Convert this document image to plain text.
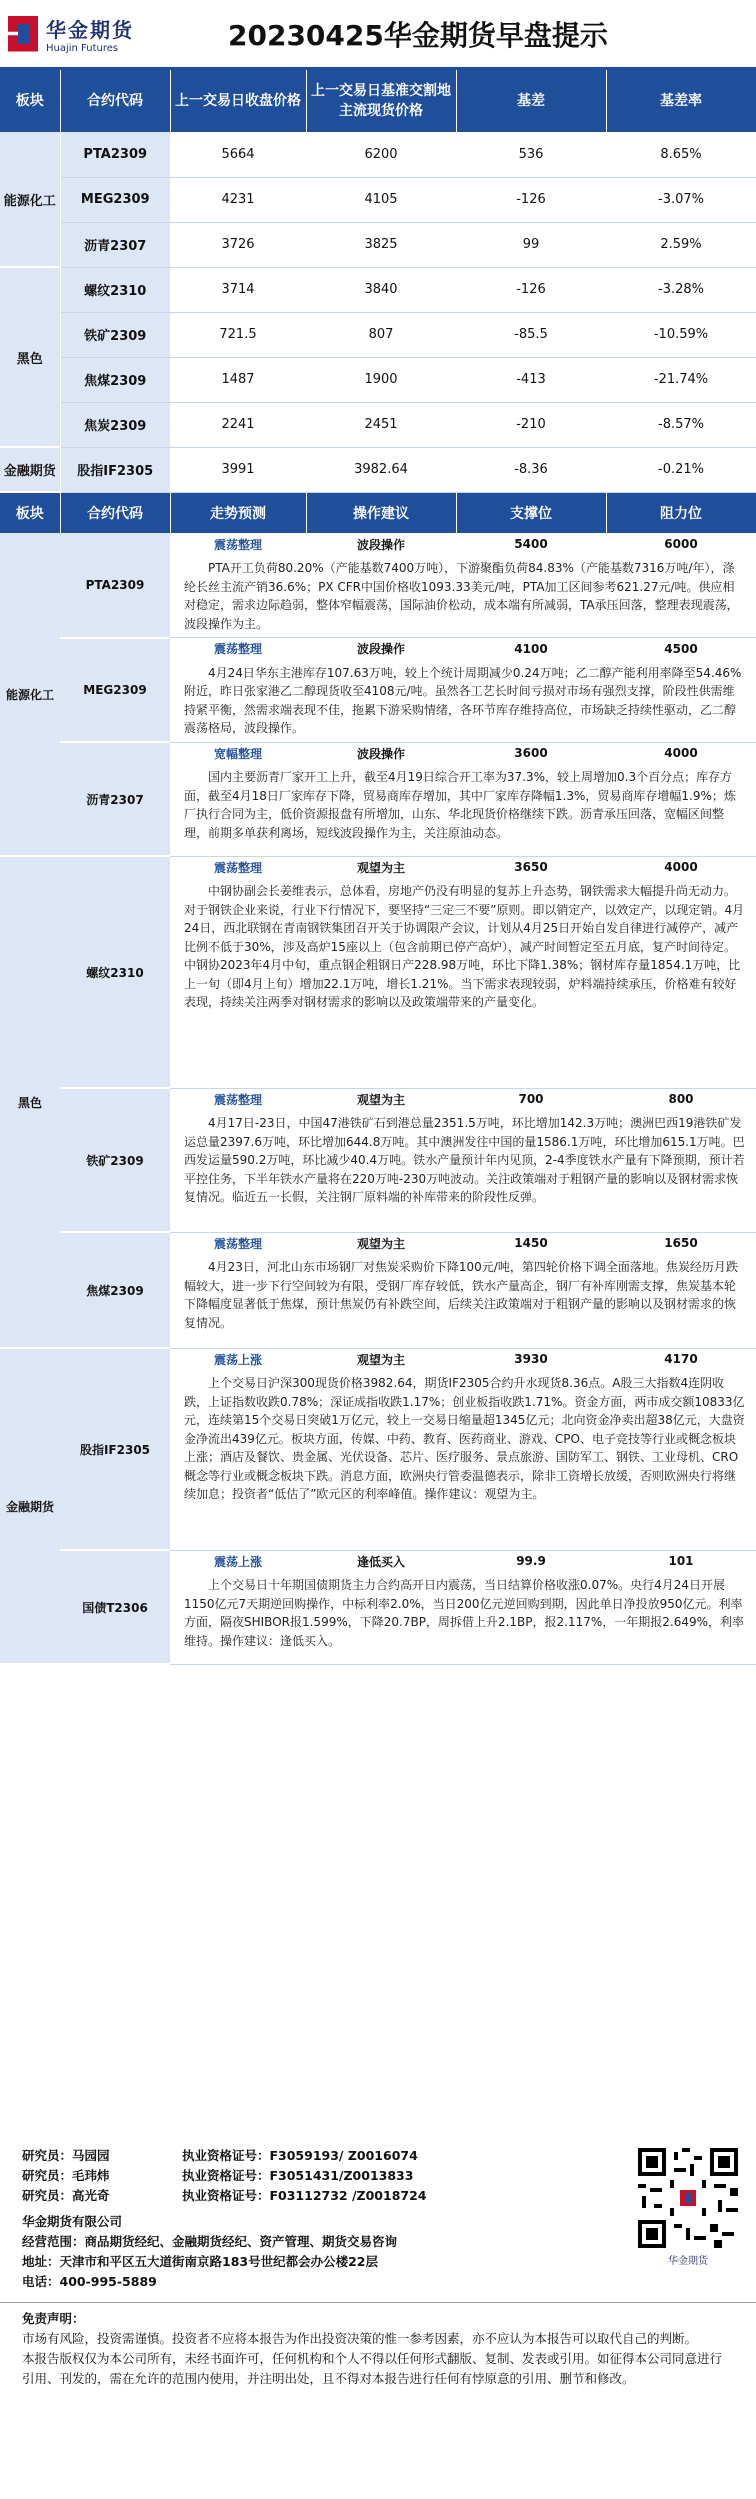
华金期货
Huajin Futures	20230425华金期货早盘提示
板块	合约代码	上一交易日收盘价格	上一交易日基准交割地主流现货价格	基差	基差率
能源化工	PTA2309	5664	6200	536	8.65%
	MEG2309	4231	4105	-126	-3.07%
	沥青2307	3726	3825	99	2.59%
黑色	螺纹2310	3714	3840	-126	-3.28%
	铁矿2309	721.5	807	-85.5	-10.59%
	焦煤2309	1487	1900	-413	-21.74%
	焦炭2309	2241	2451	-210	-8.57%
金融期货	股指IF2305	3991	3982.64	-8.36	-0.21%
板块	合约代码	走势预测	操作建议	支撑位	阻力位
能源化工	PTA2309	震荡整理	波段操作	5400	6000
		PTA开工负荷80.20%（产能基数7400万吨），下游聚酯负荷84.83%（产能基数7316万吨/年），涤纶长丝主流产销36.6%；PX CFR中国价格收1093.33美元/吨，PTA加工区间参考621.27元/吨。供应相对稳定，需求边际趋弱，整体窄幅震荡，国际油价松动，成本端有所减弱，TA承压回落，整理表现震荡，波段操作为主。			
	MEG2309	震荡整理	波段操作	4100	4500
		4月24日华东主港库存107.63万吨，较上个统计周期减少0.24万吨；乙二醇产能利用率降至54.46%附近，昨日张家港乙二醇现货收至4108元/吨。虽然各工艺长时间亏损对市场有强烈支撑，阶段性供需维持紧平衡，然需求端表现不佳，拖累下游采购情绪，各环节库存维持高位，市场缺乏持续性驱动，乙二醇震荡格局，波段操作。			
	沥青2307	宽幅整理	波段操作	3600	4000
		国内主要沥青厂家开工上升，截至4月19日综合开工率为37.3%，较上周增加0.3个百分点；库存方面，截至4月18日厂家库存下降，贸易商库存增加，其中厂家库存降幅1.3%，贸易商库存增幅1.9%；炼厂执行合同为主，低价资源报盘有所增加，山东、华北现货价格继续下跌。沥青承压回落，宽幅区间整理，前期多单获利离场，短线波段操作为主，关注原油动态。			
黑色	螺纹2310	震荡整理	观望为主	3650	4000
		中钢协副会长姜维表示，总体看，房地产仍没有明显的复苏上升态势，钢铁需求大幅提升尚无动力。对于钢铁企业来说，行业下行情况下，要坚持“三定三不要”原则。即以销定产，以效定产，以现定销。4月24日，西北联钢在青南钢铁集团召开关于协调限产会议，计划从4月25日开始自发自律进行减停产，减产比例不低于30%，涉及高炉15座以上（包含前期已停产高炉），减产时间暂定至五月底，复产时间待定。中钢协2023年4月中旬，重点钢企粗钢日产228.98万吨，环比下降1.38%；钢材库存量1854.1万吨，比上一旬（即4月上旬）增加22.1万吨，增长1.21%。当下需求表现较弱，炉料端持续承压，价格难有较好表现，持续关注两季对钢材需求的影响以及政策端带来的产量变化。			
	铁矿2309	震荡整理	观望为主	700	800
		4月17日-23日，中国47港铁矿石到港总量2351.5万吨，环比增加142.3万吨；澳洲巴西19港铁矿发运总量2397.6万吨，环比增加644.8万吨。其中澳洲发往中国的量1586.1万吨，环比增加615.1万吨。巴西发运量590.2万吨，环比减少40.4万吨。铁水产量预计年内见顶，2-4季度铁水产量有下降预期，预计若平控住务，下半年铁水产量将在220万吨-230万吨波动。关注政策端对于粗钢产量的影响以及钢材需求恢复情况。临近五一长假，关注钢厂原料端的补库带来的阶段性反弹。			
	焦煤2309	震荡整理	观望为主	1450	1650
		4月23日，河北山东市场钢厂对焦炭采购价下降100元/吨，第四轮价格下调全面落地。焦炭经历月跌幅较大，进一步下行空间较为有限，受钢厂库存较低，铁水产量高企，钢厂有补库刚需支撑，焦炭基本轮下降幅度显著低于焦煤，预计焦炭仍有补跌空间，后续关注政策端对于粗钢产量的影响以及钢材需求的恢复情况。			
金融期货	股指IF2305	震荡上涨	观望为主	3930	4170
		上个交易日沪深300现货价格3982.64，期货IF2305合约升水现货8.36点。A股三大指数4连阴收跌，上证指数收跌0.78%；深证成指收跌1.17%；创业板指收跌1.71%。资金方面，两市成交额10833亿元，连续第15个交易日突破1万亿元，较上一交易日缩量超1345亿元；北向资金净卖出超38亿元，大盘资金净流出439亿元。板块方面，传媒、中药、教育、医药商业、游戏、CPO、电子竞技等行业或概念板块上涨；酒店及餐饮、贵金属、光伏设备、芯片、医疗服务、景点旅游、国防军工、钢铁、工业母机、CRO概念等行业或概念板块下跌。消息方面，欧洲央行管委温德表示，除非工资增长放缓，否则欧洲央行将继续加息；投资者“低估了”欧元区的利率峰值。操作建议：观望为主。			
	国债T2306	震荡上涨	逢低买入	99.9	101
		上个交易日十年期国债期货主力合约高开日内震荡，当日结算价格收涨0.07%。央行4月24日开展1150亿元7天期逆回购操作，中标利率2.0%，当日200亿元逆回购到期，因此单日净投放950亿元。利率方面，隔夜SHIBOR报1.599%，下降20.7BP，周拆借上升2.1BP，报2.117%，一年期报2.649%，利率维持。操作建议：逢低买入。			
研究员：马园园	执业资格证号：F3059193/ Z0016074
研究员：毛玮炜	执业资格证号：F3051431/Z0013833
研究员：高光奇	执业资格证号：F03112732 /Z0018724
华金期货有限公司
经营范围：商品期货经纪、金融期货经纪、资产管理、期货交易咨询
地址：天津市和平区五大道街南京路183号世纪都会办公楼22层
电话：400-995-5889
华金期货
免责声明：
市场有风险，投资需谨慎。投资者不应将本报告为作出投资决策的惟一参考因素，亦不应认为本报告可以取代自己的判断。
本报告版权仅为本公司所有，未经书面许可，任何机构和个人不得以任何形式翻版、复制、发表或引用。如征得本公司同意进行引用、刊发的，需在允许的范围内使用，并注明出处，且不得对本报告进行任何有悖原意的引用、删节和修改。
